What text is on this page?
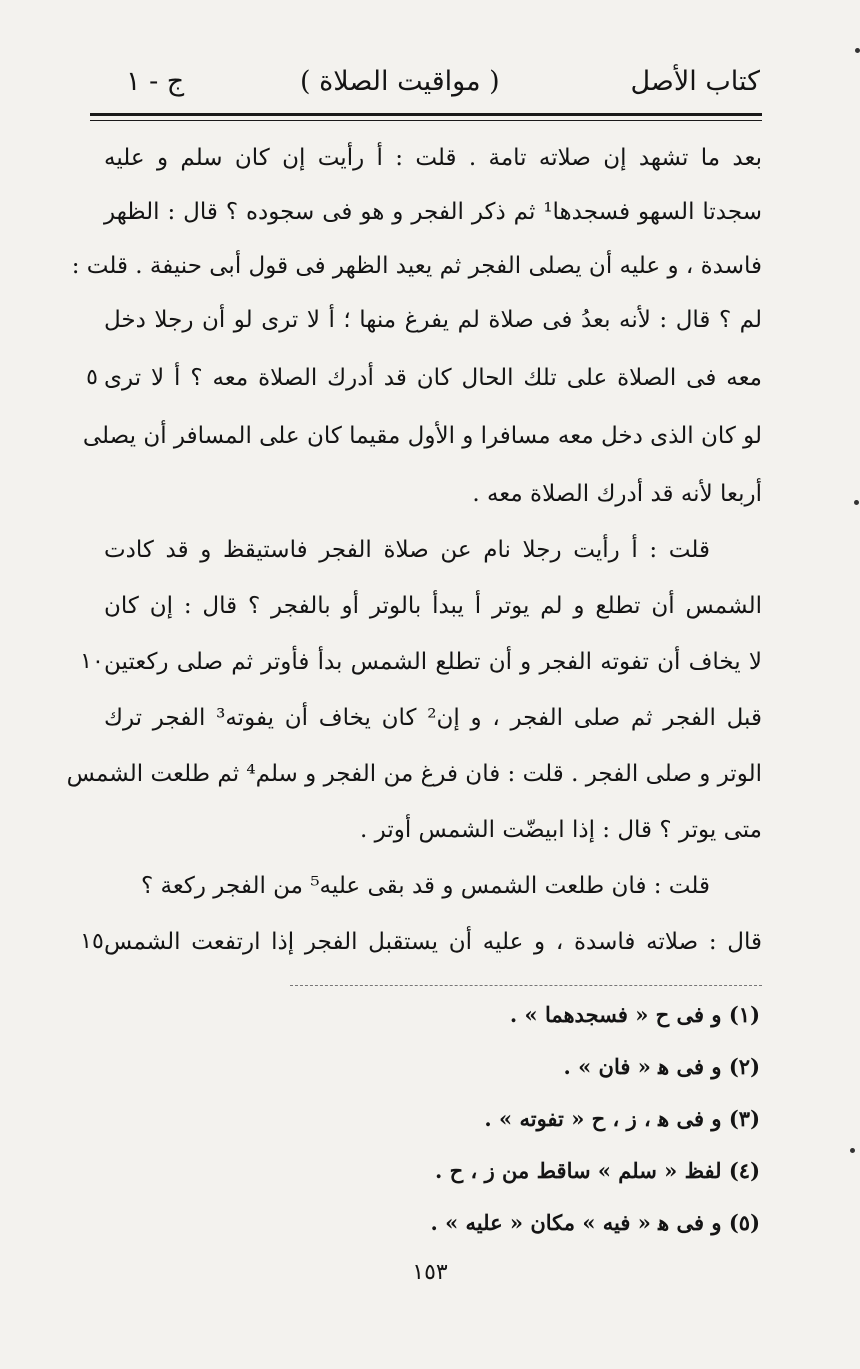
كتاب الأصل
( مواقيت الصلاة )
ج - ١
بعد ما تشهد إن صلاته تامة . قلت : أ رأيت إن كان سلم و عليه
سجدتا السهو فسجدها¹ ثم ذكر الفجر و هو فى سجوده ؟ قال : الظهر
فاسدة ، و عليه أن يصلى الفجر ثم يعيد الظهر فى قول أبى حنيفة . قلت :
لم ؟ قال : لأنه بعدُ فى صلاة لم يفرغ منها ؛ أ لا ترى لو أن رجلا دخل
معه فى الصلاة على تلك الحال كان قد أدرك الصلاة معه ؟ أ لا ترى
لو كان الذى دخل معه مسافرا و الأول مقيما كان على المسافر أن يصلى
أربعا لأنه قد أدرك الصلاة معه .
قلت : أ رأيت رجلا نام عن صلاة الفجر فاستيقظ و قد كادت
الشمس أن تطلع و لم يوتر أ يبدأ بالوتر أو بالفجر ؟ قال : إن كان
لا يخاف أن تفوته الفجر و أن تطلع الشمس بدأ فأوتر ثم صلى ركعتين
قبل الفجر ثم صلى الفجر ، و إن² كان يخاف أن يفوته³ الفجر ترك
الوتر و صلى الفجر . قلت : فان فرغ من الفجر و سلم⁴ ثم طلعت الشمس
متى يوتر ؟ قال : إذا ابيضّت الشمس أوتر .
قلت : فان طلعت الشمس و قد بقى عليه⁵ من الفجر ركعة ؟
قال : صلاته فاسدة ، و عليه أن يستقبل الفجر إذا ارتفعت الشمس
٥
١٠
١٥
(١) و فى ح « فسجدهما » .
(٢) و فى ﻫ « فان » .
(٣) و فى ﻫ ، ز ، ح « تفوته » .
(٤) لفظ « سلم » ساقط من ز ، ح .
(٥) و فى ﻫ « فيه » مكان « عليه » .
١٥٣
